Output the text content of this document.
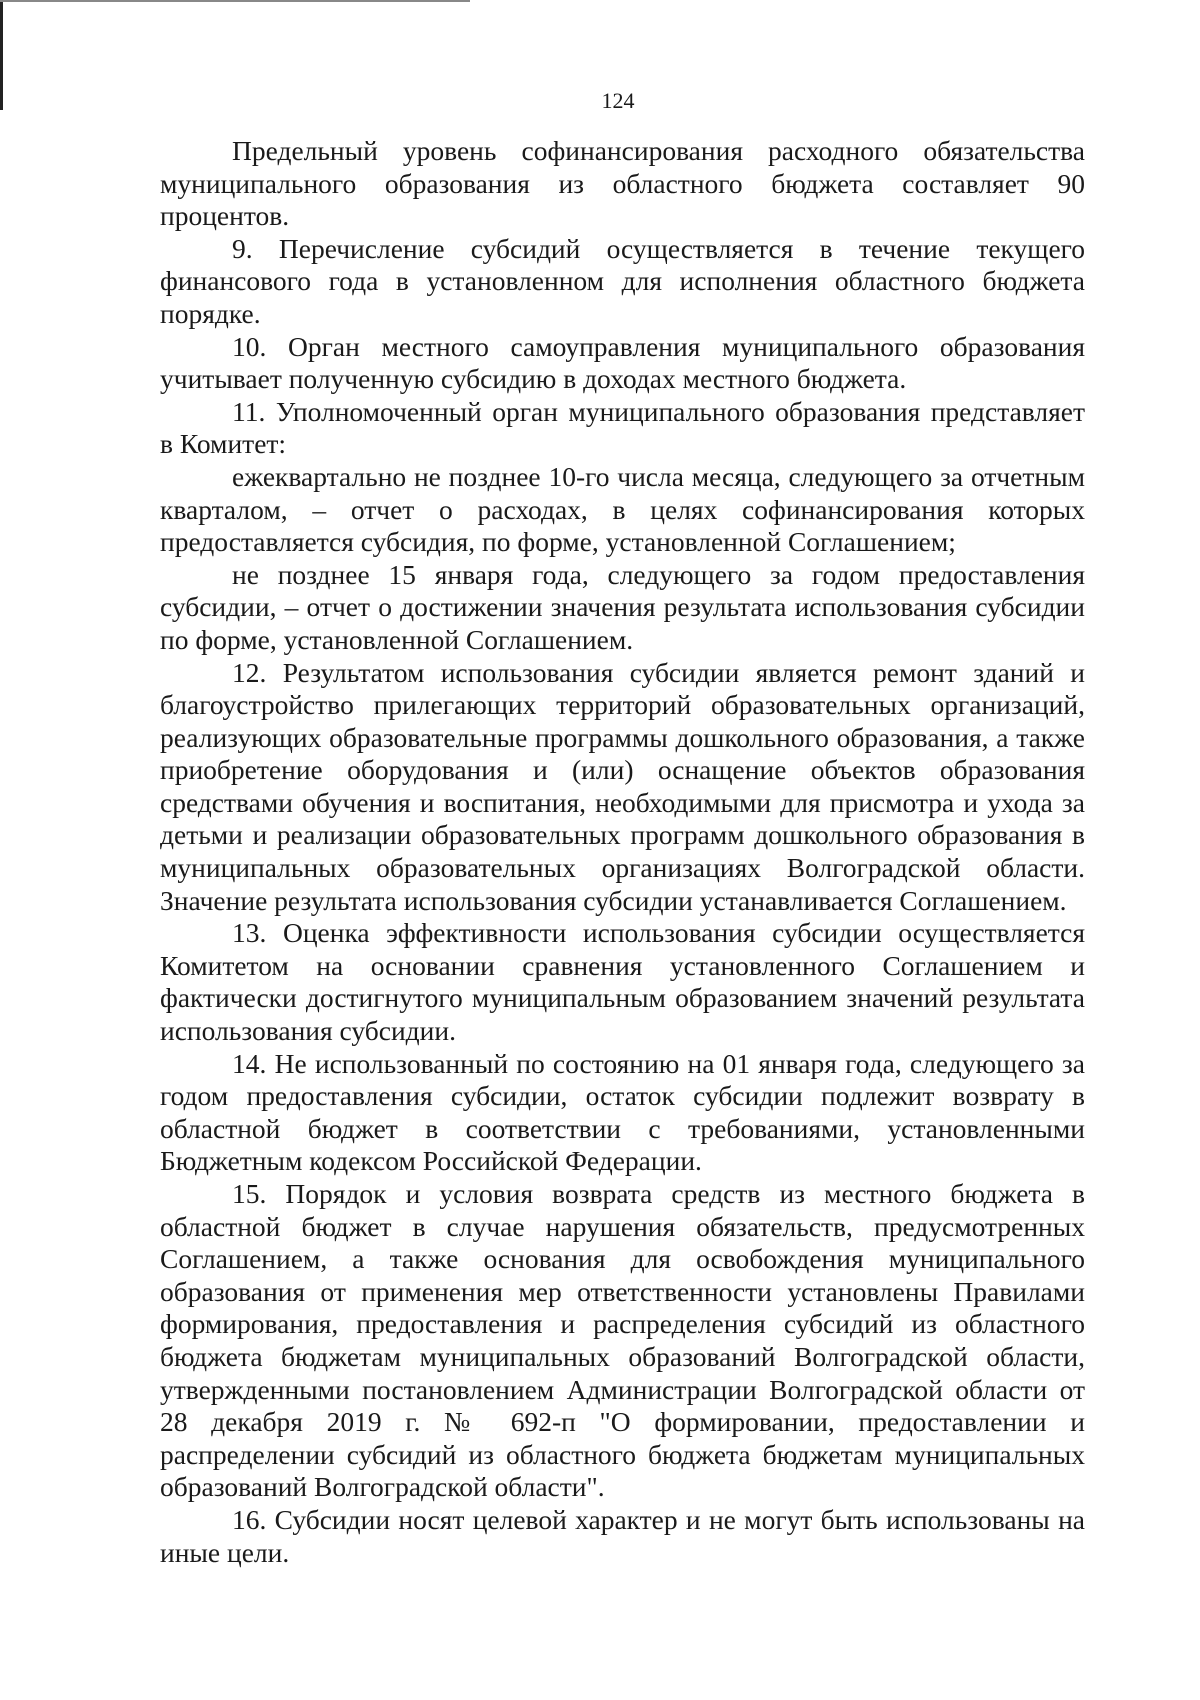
124

Предельный уровень софинансирования расходного обязательства муниципального образования из областного бюджета составляет 90 процентов.

9. Перечисление субсидий осуществляется в течение текущего финансового года в установленном для исполнения областного бюджета порядке.

10. Орган местного самоуправления муниципального образования учитывает полученную субсидию в доходах местного бюджета.

11. Уполномоченный орган муниципального образования представляет в Комитет:

ежеквартально не позднее 10-го числа месяца, следующего за отчетным кварталом, – отчет о расходах, в целях софинансирования которых предоставляется субсидия, по форме, установленной Соглашением;

не позднее 15 января года, следующего за годом предоставления субсидии, – отчет о достижении значения результата использования субсидии по форме, установленной Соглашением.

12. Результатом использования субсидии является ремонт зданий и благоустройство прилегающих территорий образовательных организаций, реализующих образовательные программы дошкольного образования, а также приобретение оборудования и (или) оснащение объектов образования средствами обучения и воспитания, необходимыми для присмотра и ухода за детьми и реализации образовательных программ дошкольного образования в муниципальных образовательных организациях Волгоградской области. Значение результата использования субсидии устанавливается Соглашением.

13. Оценка эффективности использования субсидии осуществляется Комитетом на основании сравнения установленного Соглашением и фактически достигнутого муниципальным образованием значений результата использования субсидии.

14. Не использованный по состоянию на 01 января года, следующего за годом предоставления субсидии, остаток субсидии подлежит возврату в областной бюджет в соответствии с требованиями, установленными Бюджетным кодексом Российской Федерации.

15. Порядок и условия возврата средств из местного бюджета в областной бюджет в случае нарушения обязательств, предусмотренных Соглашением, а также основания для освобождения муниципального образования от применения мер ответственности установлены Правилами формирования, предоставления и распределения субсидий из областного бюджета бюджетам муниципальных образований Волгоградской области, утвержденными постановлением Администрации Волгоградской области от 28 декабря 2019 г. № 692-п "О формировании, предоставлении и распределении субсидий из областного бюджета бюджетам муниципальных образований Волгоградской области".

16. Субсидии носят целевой характер и не могут быть использованы на иные цели.
